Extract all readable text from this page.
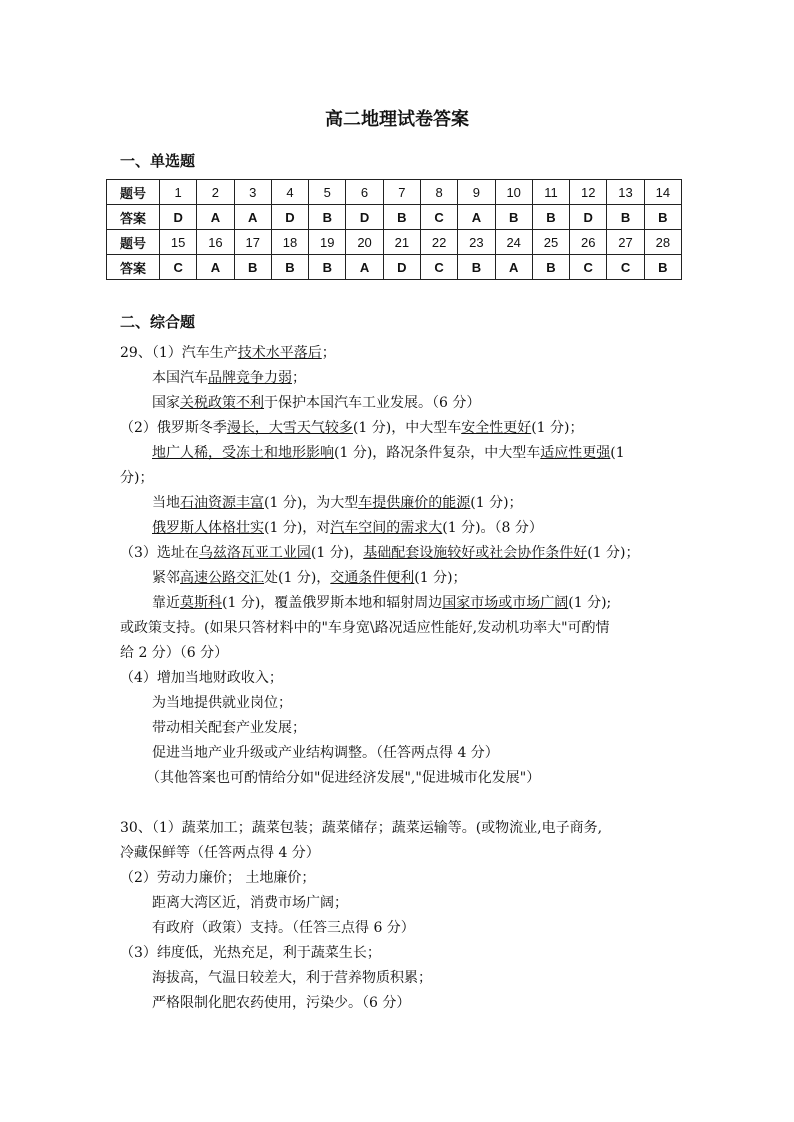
高二地理试卷答案
一、单选题
题号	1	2	3	4	5	6	7	8	9	10	11	12	13	14
答案	D	A	A	D	B	D	B	C	A	B	B	D	B	B
题号	15	16	17	18	19	20	21	22	23	24	25	26	27	28
答案	C	A	B	B	B	A	D	C	B	A	B	C	C	B
二、综合题
29、（1）汽车生产技术水平落后；
本国汽车品牌竞争力弱；
国家关税政策不利于保护本国汽车工业发展。（6 分）
（2）俄罗斯冬季漫长，大雪天气较多(1 分)，中大型车安全性更好(1 分)；
地广人稀，受冻土和地形影响(1 分)，路况条件复杂，中大型车适应性更强(1
分)；
当地石油资源丰富(1 分)，为大型车提供廉价的能源(1 分)；
俄罗斯人体格壮实(1 分)，对汽车空间的需求大(1 分)。（8 分）
（3）选址在乌兹洛瓦亚工业园(1 分)，基础配套设施较好或社会协作条件好(1 分)；
紧邻高速公路交汇处(1 分)，交通条件便利(1 分)；
靠近莫斯科(1 分)，覆盖俄罗斯本地和辐射周边国家市场或市场广阔(1 分);
或政策支持。(如果只答材料中的"车身宽\路况适应性能好,发动机功率大"可酌情
给 2 分）（6 分）
（4）增加当地财政收入；
为当地提供就业岗位；
带动相关配套产业发展；
促进当地产业升级或产业结构调整。（任答两点得 4 分）
（其他答案也可酌情给分如"促进经济发展","促进城市化发展"）
30、（1）蔬菜加工；蔬菜包装；蔬菜储存；蔬菜运输等。(或物流业,电子商务,
冷藏保鲜等（任答两点得 4 分）
（2）劳动力廉价； 土地廉价；
距离大湾区近，消费市场广阔；
有政府（政策）支持。（任答三点得 6 分）
（3）纬度低，光热充足，利于蔬菜生长；
海拔高，气温日较差大，利于营养物质积累；
严格限制化肥农药使用，污染少。（6 分）
